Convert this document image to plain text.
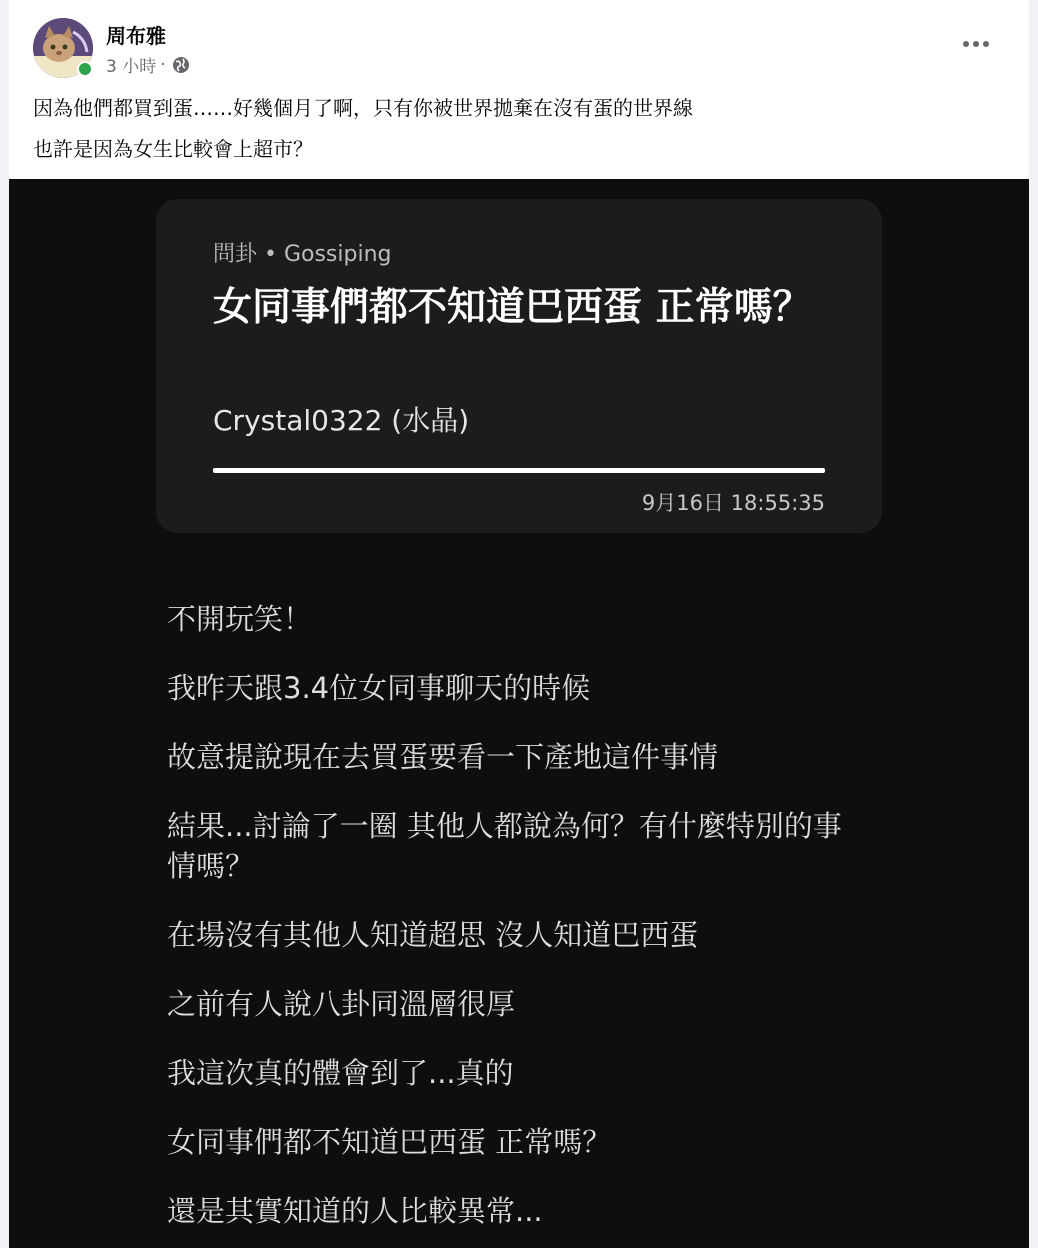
周布雅
3 小時 ·
因為他們都買到蛋……好幾個月了啊，只有你被世界拋棄在沒有蛋的世界線
也許是因為女生比較會上超市？
問卦 • Gossiping
女同事們都不知道巴西蛋 正常嗎？
Crystal0322 (水晶)
9月16日 18:55:35
不開玩笑！
我昨天跟3.4位女同事聊天的時候
故意提說現在去買蛋要看一下產地這件事情
結果...討論了一圈 其他人都說為何？有什麼特別的事情嗎？
在場沒有其他人知道超思 沒人知道巴西蛋
之前有人說八卦同溫層很厚
我這次真的體會到了...真的
女同事們都不知道巴西蛋 正常嗎？
還是其實知道的人比較異常...
